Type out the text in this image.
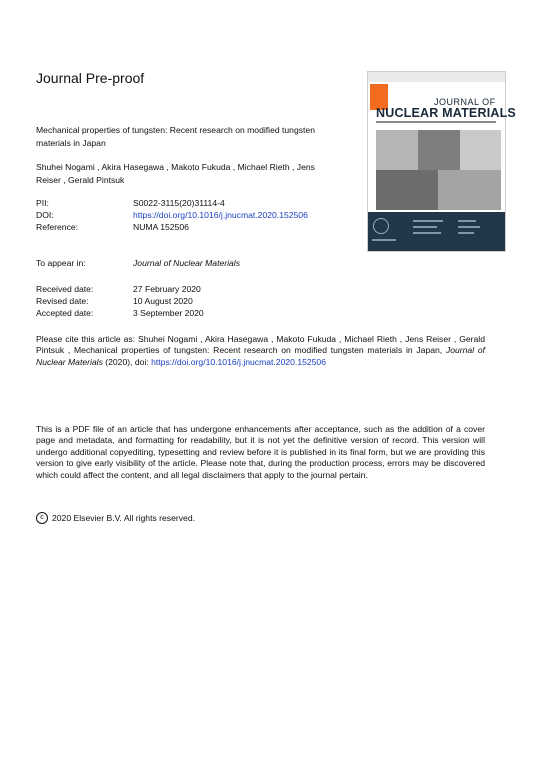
Journal Pre-proof
Mechanical properties of tungsten: Recent research on modified tungsten materials in Japan
Shuhei Nogami , Akira Hasegawa , Makoto Fukuda , Michael Rieth , Jens Reiser , Gerald Pintsuk
PII:	S0022-3115(20)31114-4
DOI:	https://doi.org/10.1016/j.jnucmat.2020.152506
Reference:	NUMA 152506
To appear in:	Journal of Nuclear Materials
Received date:	27 February 2020
Revised date:	10 August 2020
Accepted date:	3 September 2020
Please cite this article as: Shuhei Nogami , Akira Hasegawa , Makoto Fukuda , Michael Rieth , Jens Reiser , Gerald Pintsuk , Mechanical properties of tungsten: Recent research on modified tungsten materials in Japan, Journal of Nuclear Materials (2020), doi: https://doi.org/10.1016/j.jnucmat.2020.152506
This is a PDF file of an article that has undergone enhancements after acceptance, such as the addition of a cover page and metadata, and formatting for readability, but it is not yet the definitive version of record. This version will undergo additional copyediting, typesetting and review before it is published in its final form, but we are providing this version to give early visibility of the article. Please note that, during the production process, errors may be discovered which could affect the content, and all legal disclaimers that apply to the journal pertain.
c 2020 Elsevier B.V. All rights reserved.
JOURNAL OF
NUCLEAR MATERIALS
